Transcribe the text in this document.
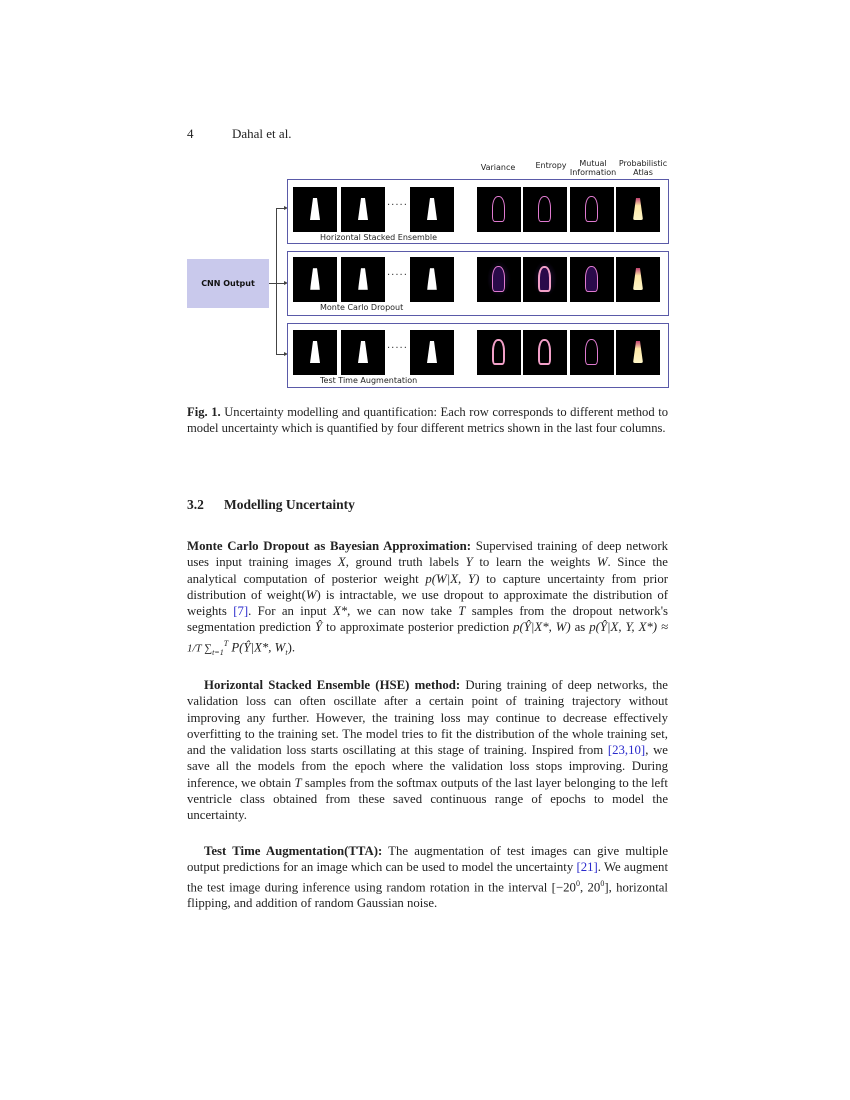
4	Dahal et al.
Variance	Entropy	Mutual
Information
Probabilistic
Atlas
CNN Output
·····
Horizontal Stacked Ensemble
·····
Monte Carlo Dropout
·····
Test Time Augmentation
Fig. 1. Uncertainty modelling and quantification: Each row corresponds to different method to model uncertainty which is quantified by four different metrics shown in the last four columns.
3.2 Modelling Uncertainty
Monte Carlo Dropout as Bayesian Approximation: Supervised training of deep network uses input training images X, ground truth labels Y to learn the weights W. Since the analytical computation of posterior weight p(W|X, Y) to capture uncertainty from prior distribution of weight(W) is intractable, we use dropout to approximate the distribution of weights [7]. For an input X*, we can now take T samples from the dropout network's segmentation prediction Ŷ to approximate posterior prediction p(Ŷ|X*, W) as p(Ŷ|X, Y, X*) ≈ 1/T $\sum_{t=1}^T$ P(Ŷ|X*, $W_t$).
Horizontal Stacked Ensemble (HSE) method: During training of deep networks, the validation loss can often oscillate after a certain point of training trajectory without improving any further. However, the training loss may continue to decrease effectively overfitting to the training set. The model tries to fit the distribution of the whole training set, and the validation loss starts oscillating at this stage of training. Inspired from [23,10], we save all the models from the epoch where the validation loss stops improving. During inference, we obtain T samples from the softmax outputs of the last layer belonging to the left ventricle class obtained from these saved continuous range of epochs to model the uncertainty.
Test Time Augmentation(TTA): The augmentation of test images can give multiple output predictions for an image which can be used to model the uncertainty [21]. We augment the test image during inference using random rotation in the interval [$-20^0$, $20^0$], horizontal flipping, and addition of random Gaussian noise.
